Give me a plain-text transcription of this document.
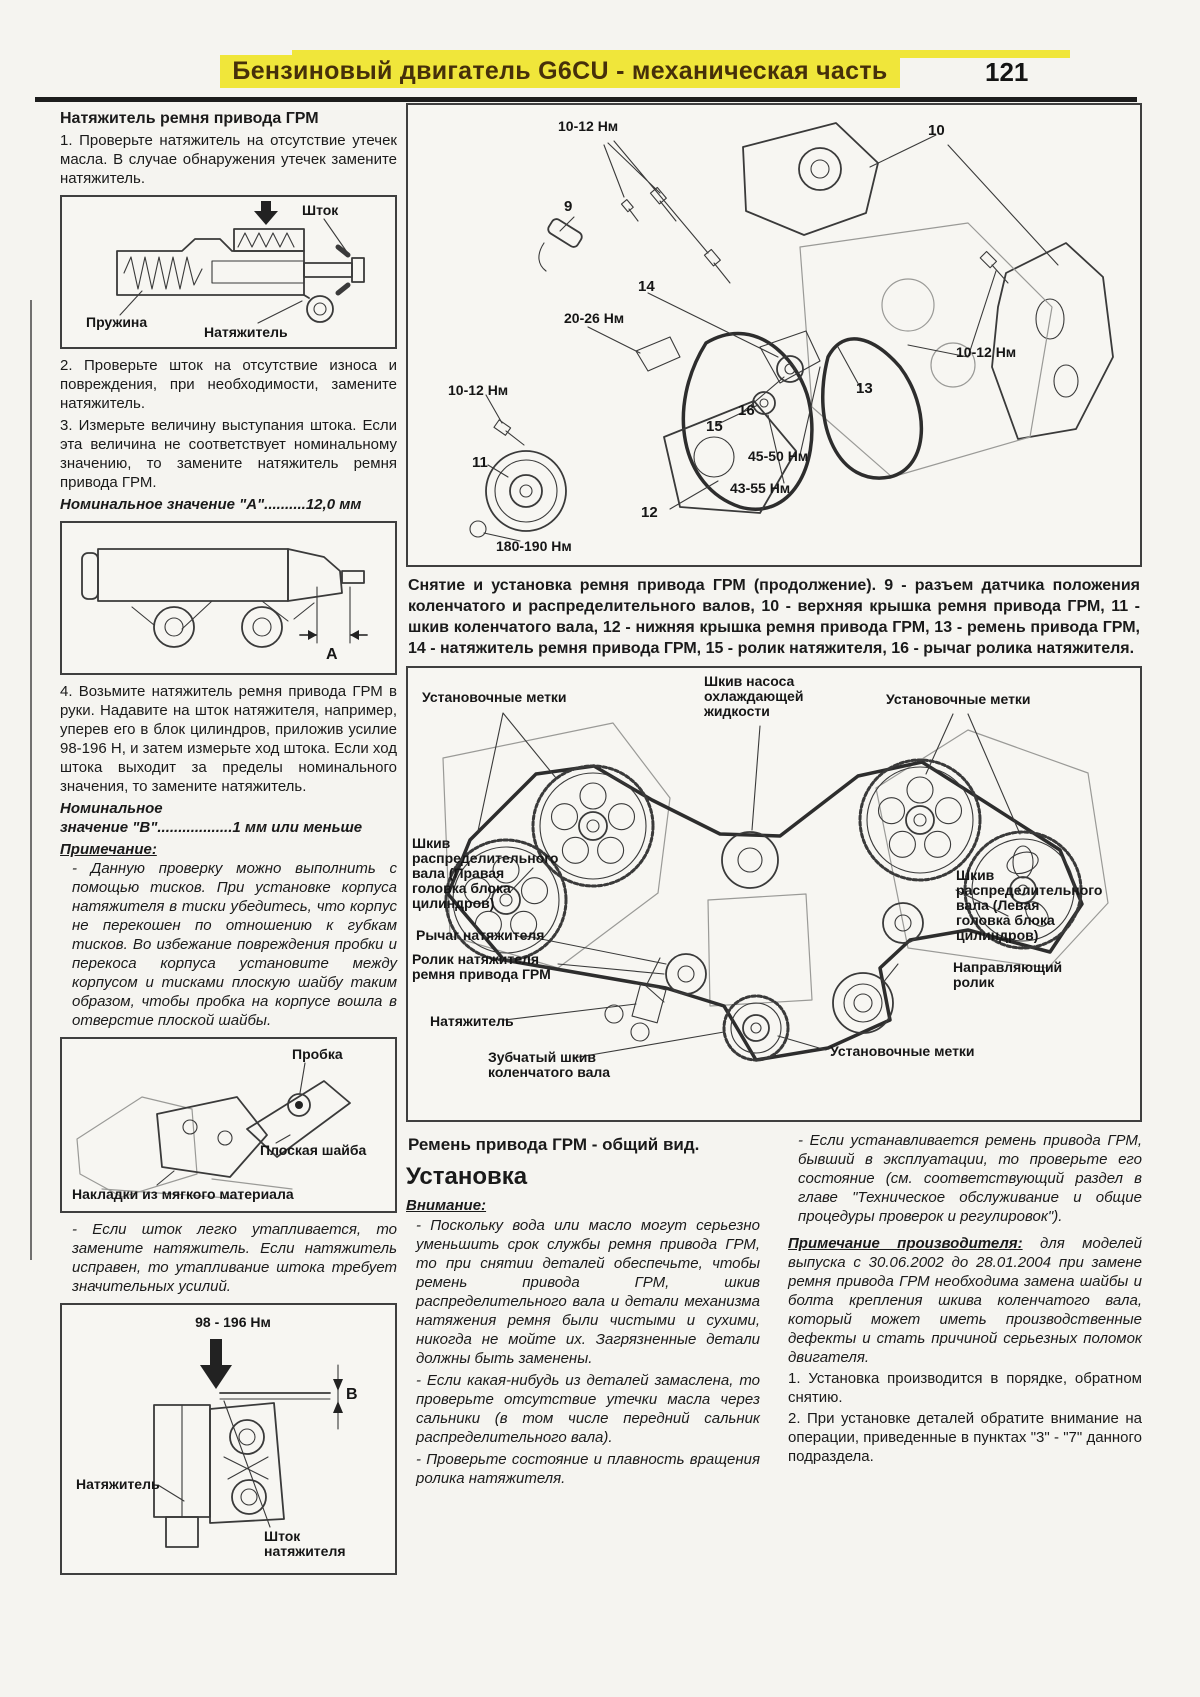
Бензиновый двигатель G6CU - механическая часть	121
Натяжитель ремня привода ГРМ

1. Проверьте натяжитель на отсутствие утечек масла. В случае обнаружения утечек замените натяжитель.

Шток
Пружина
Натяжитель

2. Проверьте шток на отсутствие износа и повреждения, при необходимости, замените натяжитель.

3. Измерьте величину выступания штока. Если эта величина не соответствует номинальному значению, то замените натяжитель ремня привода ГРМ.

Номинальное значение "А"..........12,0 мм

A

4. Возьмите натяжитель ремня привода ГРМ в руки. Надавите на шток натяжителя, например, уперев его в блок цилиндров, приложив усилие 98-196 Н, и затем измерьте ход штока. Если ход штока выходит за пределы номинального значения, то замените натяжитель.

Номинальное

значение "В"..................1 мм или меньше

Примечание:

- Данную проверку можно выполнить с помощью тисков. При установке корпуса натяжителя в тиски убедитесь, что корпус не перекошен по отношению к губкам тисков. Во избежание повреждения пробки и перекоса корпуса установите между корпусом и тисками плоскую шайбу таким образом, чтобы пробка на корпусе вошла в отверстие плоской шайбы.

Пробка
Плоская шайба
Накладки из мягкого материала

- Если шток легко утапливается, то замените натяжитель. Если натяжитель исправен, то утапливание штока требует значительных усилий.

98 - 196 Нм
B
Натяжитель
Шток натяжителя
10-12 Нм	10
9
14
20-26 Нм
10-12 Нм
13
10-12 Нм
16
15
45-50 Нм
43-55 Нм
11
12
180-190 Нм

Снятие и установка ремня привода ГРМ (продолжение). 9 - разъем датчика положения коленчатого и распределительного валов, 10 - верхняя крышка ремня привода ГРМ, 11 - шкив коленчатого вала, 12 - нижняя крышка ремня привода ГРМ, 13 - ремень привода ГРМ, 14 - натяжитель ремня привода ГРМ, 15 - ролик натяжителя, 16 - рычаг ролика натяжителя.

Установочные метки
Шкив насоса охлаждающей жидкости
Установочные метки
Шкив распределительного вала (Правая головка блока цилиндров)
Рычаг натяжителя
Ролик натяжителя ремня привода ГРМ
Натяжитель
Зубчатый шкив коленчатого вала
Шкив распределительного вала (Левая головка блока цилиндров)
Направляющий ролик
Установочные метки
Ремень привода ГРМ - общий вид.
Установка

Внимание:

- Поскольку вода или масло могут серьезно уменьшить срок службы ремня привода ГРМ, то при снятии деталей обеспечьте, чтобы ремень привода ГРМ, шкив распределительного вала и детали механизма натяжения ремня были чистыми и сухими, никогда не мойте их. Загрязненные детали должны быть заменены.

- Если какая-нибудь из деталей замаслена, то проверьте отсутствие утечки масла через сальники (в том числе передний сальник распределительного вала).

- Проверьте состояние и плавность вращения ролика натяжителя.

- Если устанавливается ремень привода ГРМ, бывший в эксплуатации, то проверьте его состояние (см. соответствующий раздел в главе "Техническое обслуживание и общие процедуры проверок и регулировок").

Примечание производителя: для моделей выпуска с 30.06.2002 до 28.01.2004 при замене ремня привода ГРМ необходима замена шайбы и болта крепления шкива коленчатого вала, который может иметь производственные дефекты и стать причиной серьезных поломок двигателя.

1. Установка производится в порядке, обратном снятию.

2. При установке деталей обратите внимание на операции, приведенные в пунктах "3" - "7" данного подраздела.
